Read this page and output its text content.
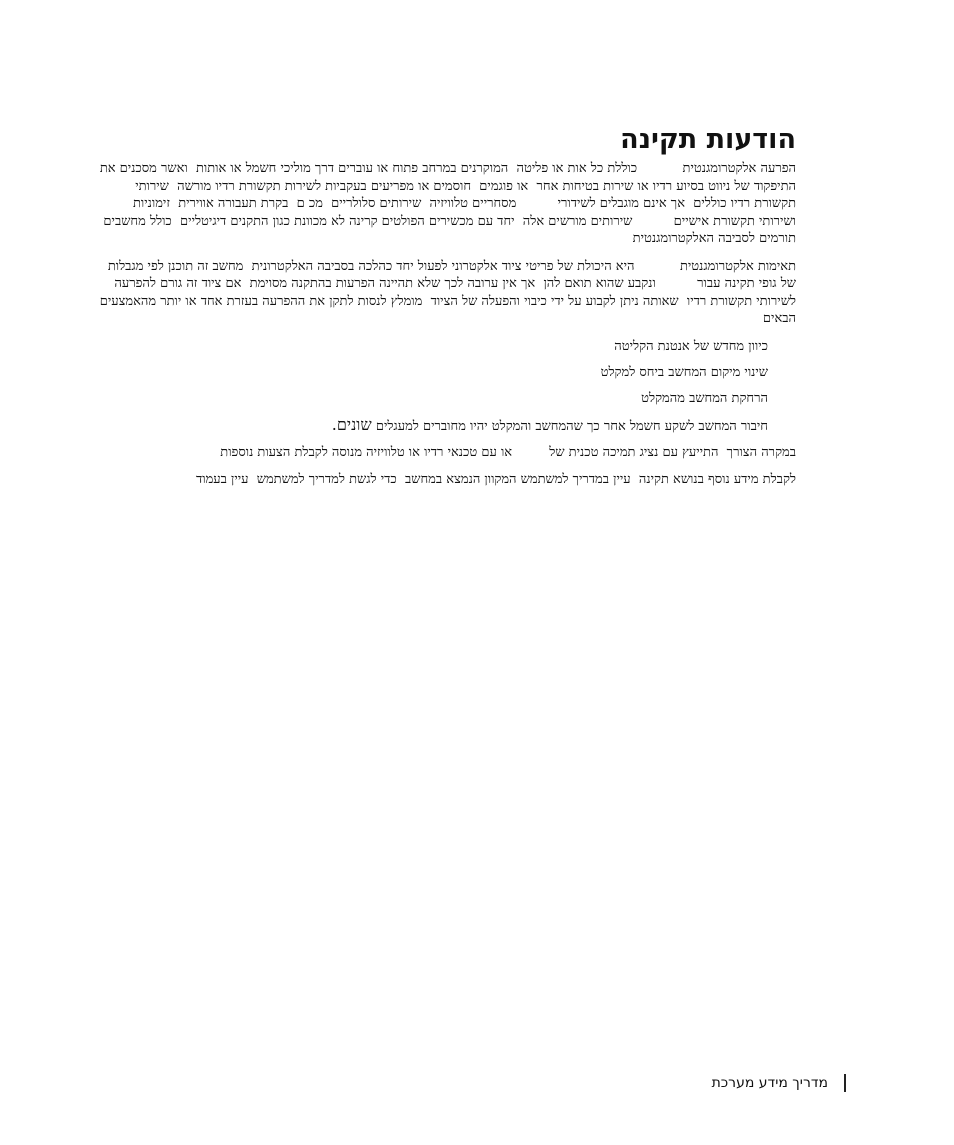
הודעות תקינה

הפרעה אלקטרומגנטית           כוללת כל אות או פליטה  המוקרנים במרחב פתוח או עוברים דרך מוליכי חשמל או אותות  ואשר מסכנים את התיפקוד של ניווט בסיוע רדיו או שירות בטיחות אחר  או פוגמים  חוסמים או מפריעים בעקביות לשירות תקשורת רדיו מורשה  שירותי תקשורת רדיו כוללים  אך אינם מוגבלים לשידורי          מסחריים טלוויזיה  שירותים סלולריים  מכ ם  בקרת תעבורה אווירית  זימוניות ושירותי תקשורת אישיים          שירותים מורשים אלה  יחד עם מכשירים הפולטים קרינה לא מכוונת כגון התקנים דיגיטליים  כולל מחשבים  תורמים לסביבה האלקטרומגנטית

תאימות אלקטרומגנטית           היא היכולת של פריטי ציוד אלקטרוני לפעול יחד כהלכה בסביבה האלקטרונית  מחשב זה תוכנן לפי מגבלות של גופי תקינה עבור          ונקבע שהוא תואם להן  אך אין ערובה לכך שלא תהיינה הפרעות בהתקנה מסוימת  אם ציוד זה גורם להפרעה לשירותי תקשורת רדיו  שאותה ניתן לקבוע על ידי כיבוי והפעלה של הציוד  מומלץ לנסות לתקן את ההפרעה בעזרת אחד או יותר מהאמצעים הבאים

כיוון מחדש של אנטנת הקליטה
שינוי מיקום המחשב ביחס למקלט
הרחקת המחשב מהמקלט
חיבור המחשב לשקע חשמל אחר כך שהמחשב והמקלט יהיו מחוברים למעגלים שונים.

במקרה הצורך  התייעץ עם נציג תמיכה טכנית של         או עם טכנאי רדיו או טלוויזיה מנוסה לקבלת הצעות נוספות

לקבלת מידע נוסף בנושא תקינה  עיין במדריך למשתמש המקוון הנמצא במחשב  כדי לגשת למדריך למשתמש  עיין בעמוד

מדריך מידע מערכת
